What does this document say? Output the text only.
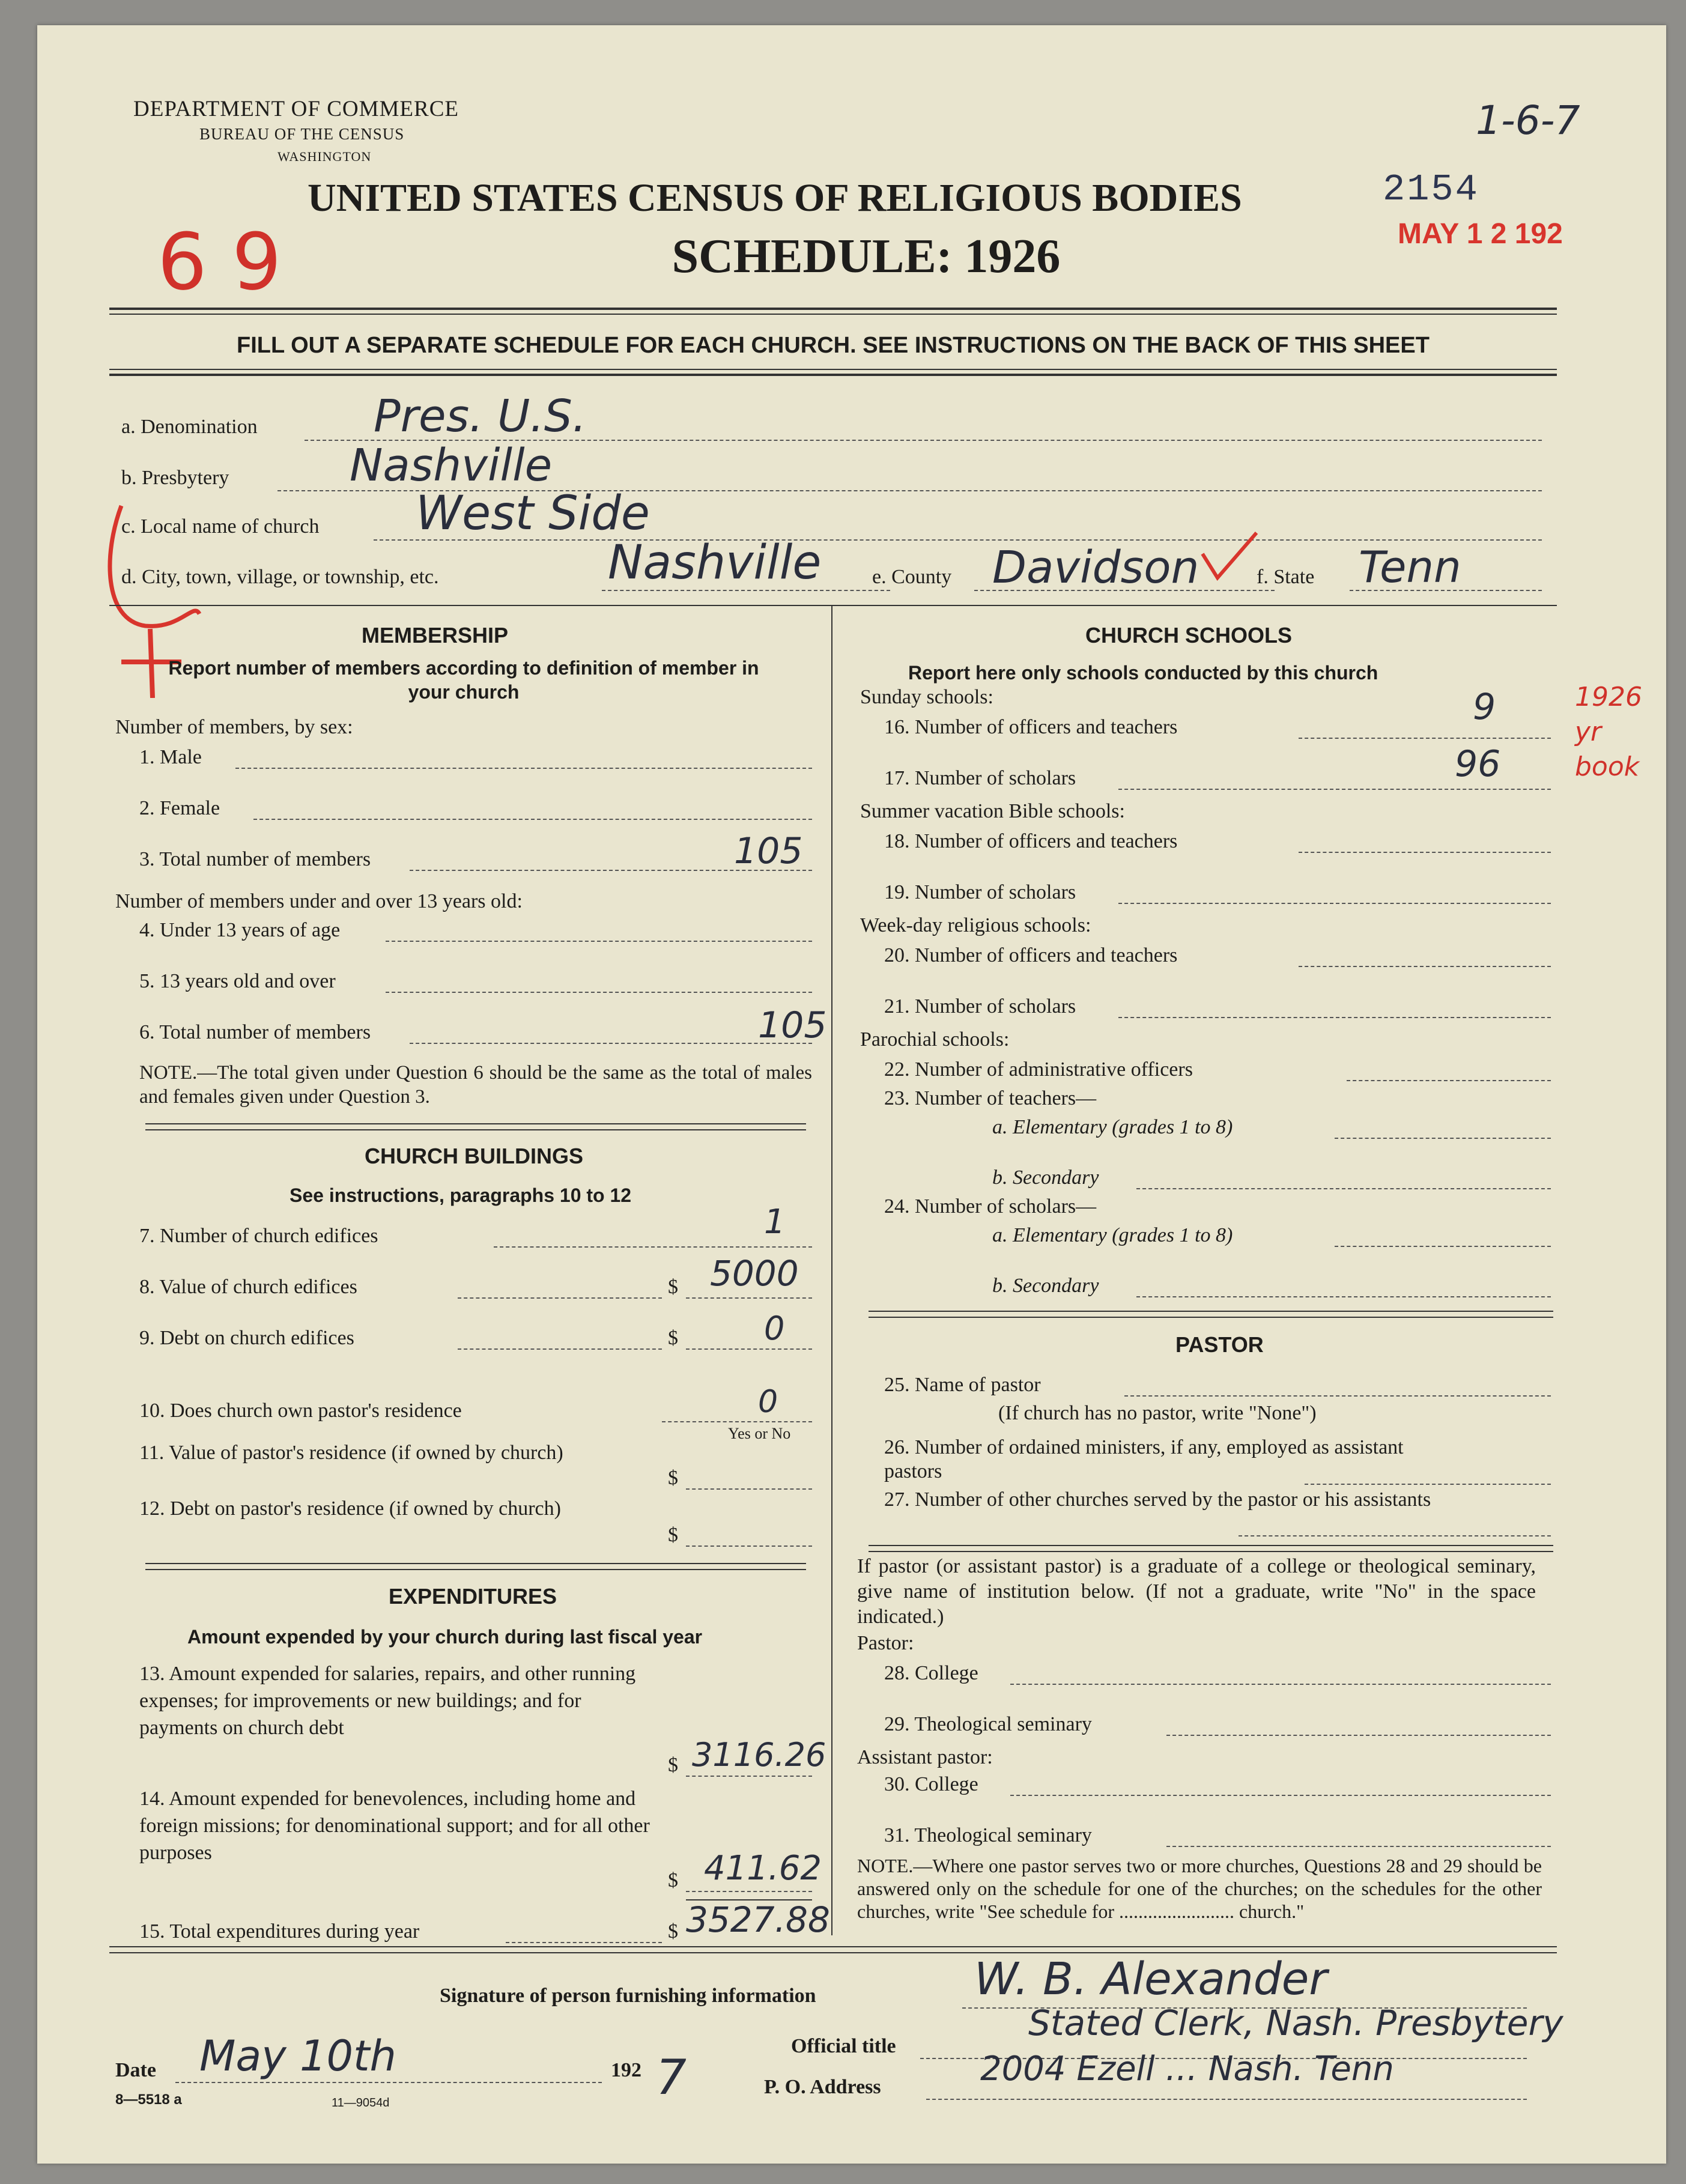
DEPARTMENT OF COMMERCE
BUREAU OF THE CENSUS
WASHINGTON
UNITED STATES CENSUS OF RELIGIOUS BODIES
SCHEDULE: 1926
6 9
1-6-7
2154
MAY 1 2 192
FILL OUT A SEPARATE SCHEDULE FOR EACH CHURCH. SEE INSTRUCTIONS ON THE BACK OF THIS SHEET
a. Denomination	Pres. U.S.
b. Presbytery	Nashville
c. Local name of church West Side
d. City, town, village, or township, etc.	Nashville e. County Davidson	f. State Tenn
MEMBERSHIP
Report number of members according to definition of member in your church
Number of members, by sex:
1. Male
2. Female
3. Total number of members	105
Number of members under and over 13 years old:
4. Under 13 years of age
5. 13 years old and over
6. Total number of members	105
NOTE.—The total given under Question 6 should be the same as the total of males and females given under Question 3.
CHURCH BUILDINGS
See instructions, paragraphs 10 to 12
7. Number of church edifices	1
8. Value of church edifices	$ 5000
9. Debt on church edifices	$	0
10. Does church own pastor's residence	0
Yes or No
11. Value of pastor's residence (if owned by church)
$
12. Debt on pastor's residence (if owned by church)
$
EXPENDITURES
Amount expended by your church during last fiscal year
13. Amount expended for salaries, repairs, and other running expenses; for improvements or new buildings; and for payments on church debt
$ 3116.26
14. Amount expended for benevolences, including home and foreign missions; for denominational support; and for all other purposes
$ 411.62
15. Total expenditures during year	$ 3527.88
CHURCH SCHOOLS
Report here only schools conducted by this church
Sunday schools:
16. Number of officers and teachers	9
17. Number of scholars	96
1926 yr book
Summer vacation Bible schools:
18. Number of officers and teachers
19. Number of scholars
Week-day religious schools:
20. Number of officers and teachers
21. Number of scholars
Parochial schools:
22. Number of administrative officers
23. Number of teachers—
a. Elementary (grades 1 to 8)
b. Secondary
24. Number of scholars—
a. Elementary (grades 1 to 8)
b. Secondary
PASTOR
25. Name of pastor
(If church has no pastor, write "None")
26. Number of ordained ministers, if any, employed as assistant pastors
27. Number of other churches served by the pastor or his assistants
If pastor (or assistant pastor) is a graduate of a college or theological seminary, give name of institution below. (If not a graduate, write "No" in the space indicated.)
Pastor:
28. College
29. Theological seminary
Assistant pastor:
30. College
31. Theological seminary
NOTE.—Where one pastor serves two or more churches, Questions 28 and 29 should be answered only on the schedule for one of the churches; on the schedules for the other churches, write "See schedule for ........................ church."
Signature of person furnishing information	W. B. Alexander
Official title
Stated Clerk, Nash. Presbytery
P. O. Address	2004 Ezell ... Nash. Tenn
Date May 10th	192 7
8—5518 a	11—9054d
